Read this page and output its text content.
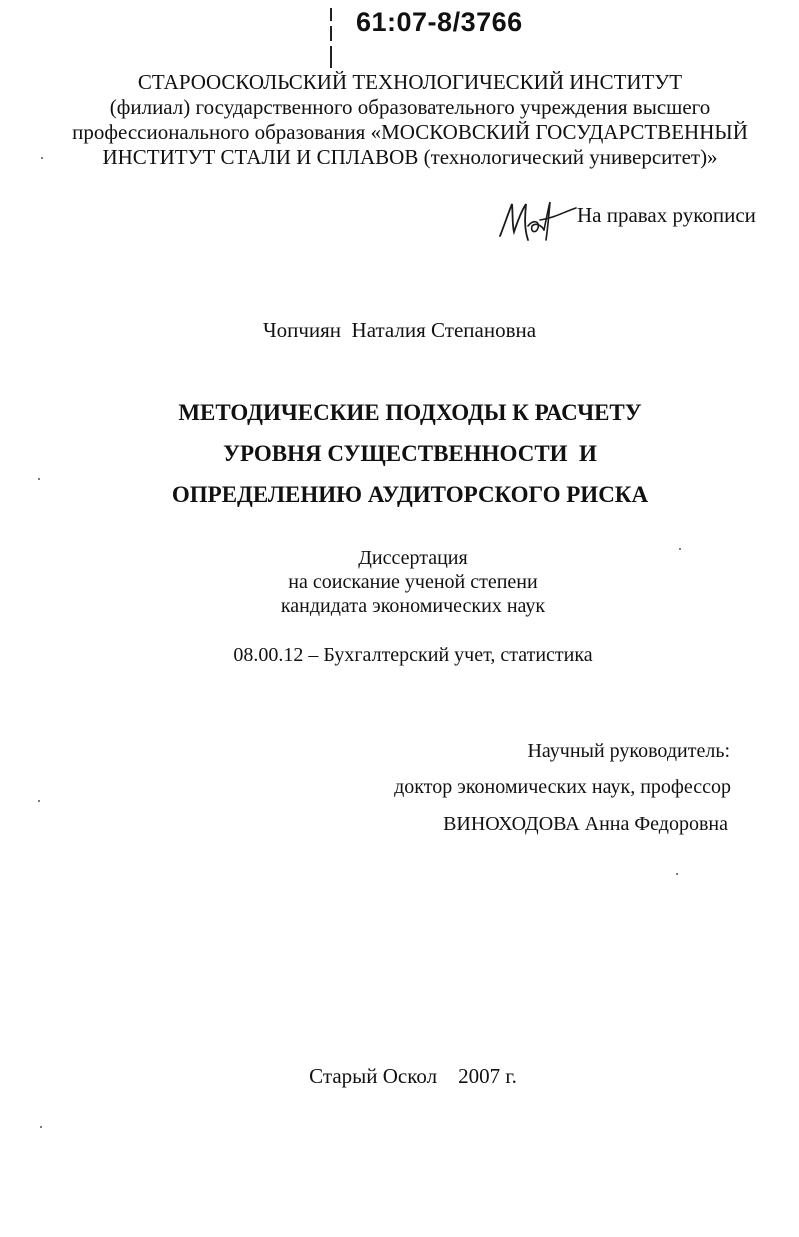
61:07-8/3766
СТАРООСКОЛЬСКИЙ ТЕХНОЛОГИЧЕСКИЙ ИНСТИТУТ
(филиал) государственного образовательного учреждения высшего
профессионального образования «МОСКОВСКИЙ ГОСУДАРСТВЕННЫЙ
ИНСТИТУТ СТАЛИ И СПЛАВОВ (технологический университет)»
На правах рукописи
Чопчиян  Наталия Степановна
МЕТОДИЧЕСКИЕ ПОДХОДЫ К РАСЧЕТУ
УРОВНЯ СУЩЕСТВЕННОСТИ  И
ОПРЕДЕЛЕНИЮ АУДИТОРСКОГО РИСКА
Диссертация
на соискание ученой степени
кандидата экономических наук
08.00.12 – Бухгалтерский учет, статистика
Научный руководитель:
доктор экономических наук, профессор
ВИНОХОДОВА Анна Федоровна
Старый Оскол    2007 г.
